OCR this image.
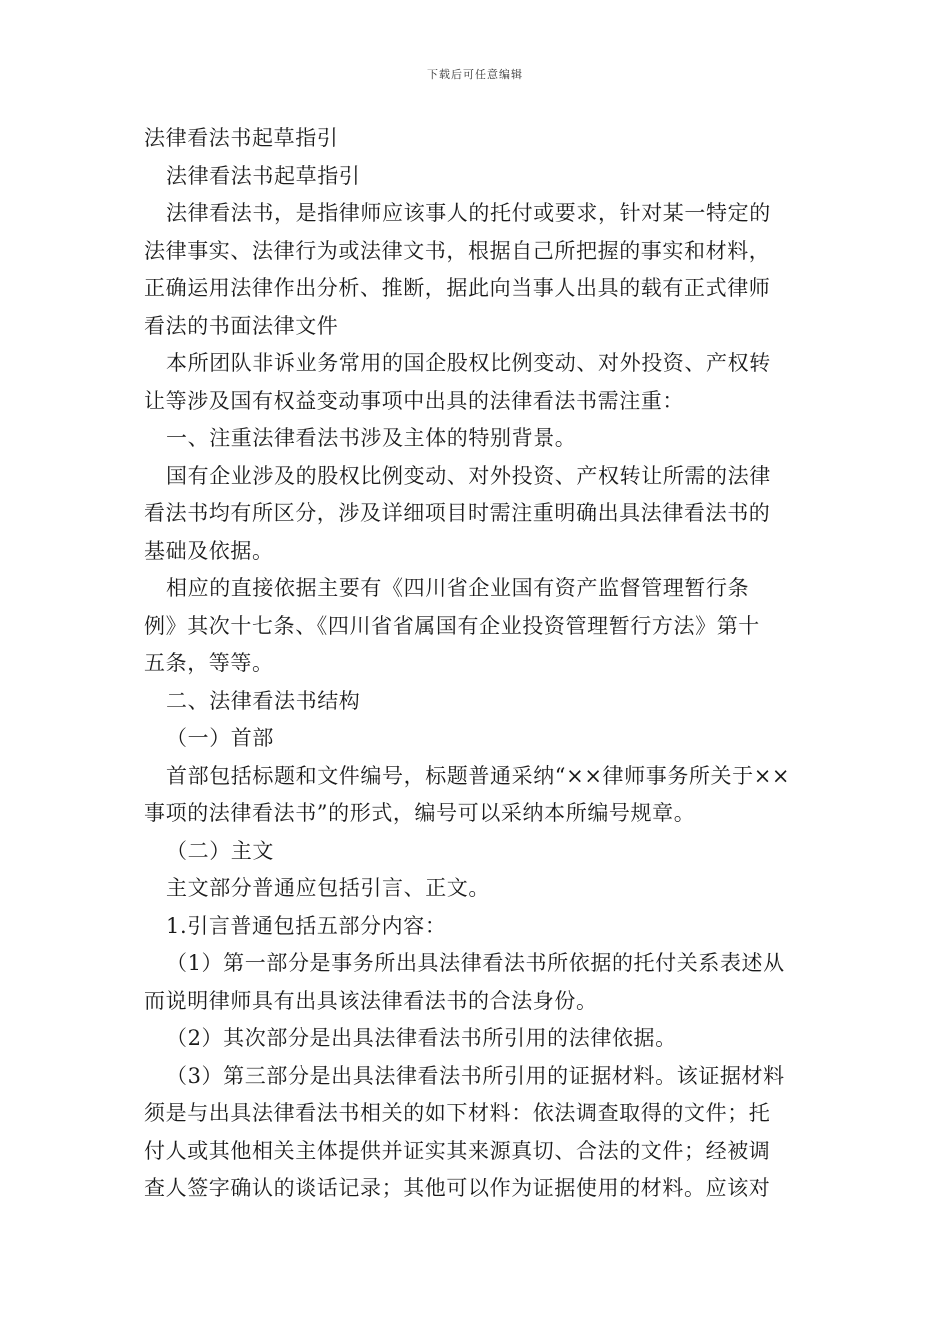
下载后可任意编辑
法律看法书起草指引
法律看法书起草指引
法律看法书，是指律师应该事人的托付或要求，针对某一特定的
法律事实、法律行为或法律文书，根据自己所把握的事实和材料，
正确运用法律作出分析、推断，据此向当事人出具的载有正式律师
看法的书面法律文件
本所团队非诉业务常用的国企股权比例变动、对外投资、产权转
让等涉及国有权益变动事项中出具的法律看法书需注重：
一、注重法律看法书涉及主体的特别背景。
国有企业涉及的股权比例变动、对外投资、产权转让所需的法律
看法书均有所区分，涉及详细项目时需注重明确出具法律看法书的
基础及依据。
相应的直接依据主要有《四川省企业国有资产监督管理暂行条
例》其次十七条、《四川省省属国有企业投资管理暂行方法》第十
五条，等等。
二、法律看法书结构
（一）首部
首部包括标题和文件编号，标题普通采纳“××律师事务所关于××
事项的法律看法书”的形式，编号可以采纳本所编号规章。
（二）主文
主文部分普通应包括引言、正文。
1.引言普通包括五部分内容：
（1）第一部分是事务所出具法律看法书所依据的托付关系表述从
而说明律师具有出具该法律看法书的合法身份。
（2）其次部分是出具法律看法书所引用的法律依据。
（3）第三部分是出具法律看法书所引用的证据材料。该证据材料
须是与出具法律看法书相关的如下材料：依法调查取得的文件；托
付人或其他相关主体提供并证实其来源真切、合法的文件；经被调
查人签字确认的谈话记录；其他可以作为证据使用的材料。应该对
